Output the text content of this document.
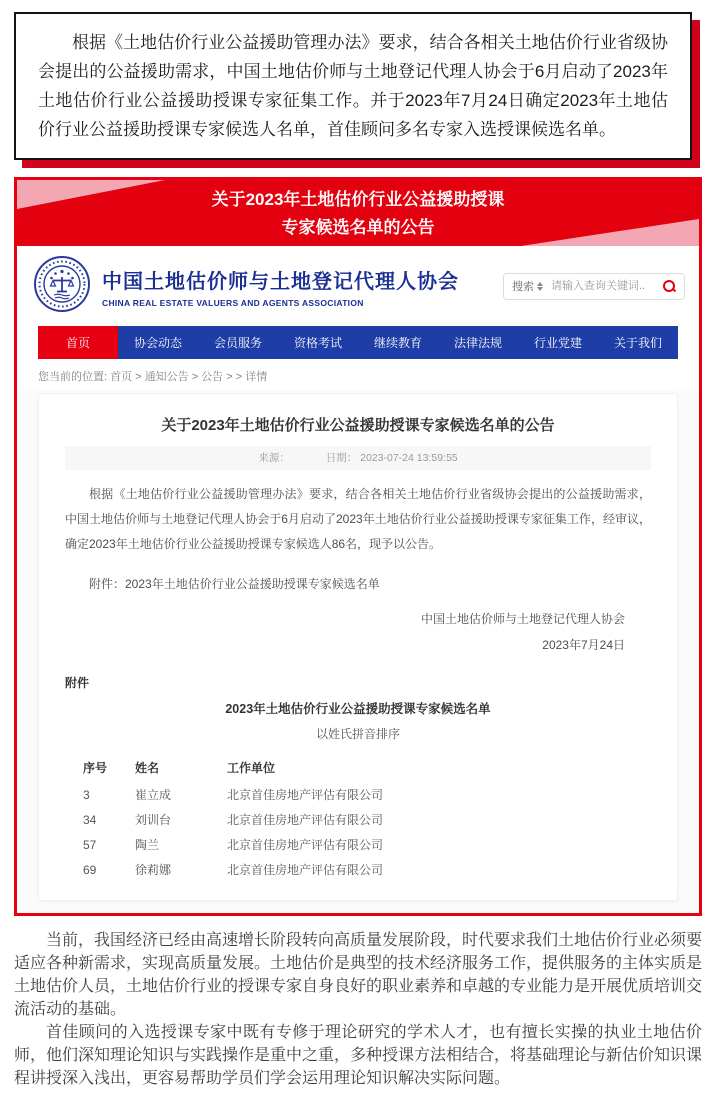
根据《土地估价行业公益援助管理办法》要求，结合各相关土地估价行业省级协会提出的公益援助需求，中国土地估价师与土地登记代理人协会于6月启动了2023年土地估价行业公益援助授课专家征集工作。并于2023年7月24日确定2023年土地估价行业公益援助授课专家候选人名单，首佳顾问多名专家入选授课候选名单。

关于2023年土地估价行业公益援助授课
专家候选名单的公告
中国土地估价师与土地登记代理人协会
CHINA REAL ESTATE VALUERS AND AGENTS ASSOCIATION
搜索
请输入查询关键词..
首页	协会动态	会员服务	资格考试	继续教育	法律法规	行业党建	关于我们
您当前的位置: 首页 > 通知公告 > 公告 > > 详情
关于2023年土地估价行业公益援助授课专家候选名单的公告
来源：	日期： 2023-07-24 13:59:55

根据《土地估价行业公益援助管理办法》要求，结合各相关土地估价行业省级协会提出的公益援助需求，中国土地估价师与土地登记代理人协会于6月启动了2023年土地估价行业公益援助授课专家征集工作，经审议，确定2023年土地估价行业公益援助授课专家候选人86名，现予以公告。

附件：2023年土地估价行业公益援助授课专家候选名单
中国土地估价师与土地登记代理人协会
2023年7月24日
附件
2023年土地估价行业公益援助授课专家候选名单
以姓氏拼音排序
序号	姓名	工作单位
3	崔立成	北京首佳房地产评估有限公司
34	刘训台	北京首佳房地产评估有限公司
57	陶兰	北京首佳房地产评估有限公司
69	徐莉娜	北京首佳房地产评估有限公司

当前，我国经济已经由高速增长阶段转向高质量发展阶段，时代要求我们土地估价行业必须要适应各种新需求，实现高质量发展。土地估价是典型的技术经济服务工作，提供服务的主体实质是土地估价人员，土地估价行业的授课专家自身良好的职业素养和卓越的专业能力是开展优质培训交流活动的基础。

首佳顾问的入选授课专家中既有专修于理论研究的学术人才，也有擅长实操的执业土地估价师，他们深知理论知识与实践操作是重中之重，多种授课方法相结合，将基础理论与新估价知识课程讲授深入浅出，更容易帮助学员们学会运用理论知识解决实际问题。
